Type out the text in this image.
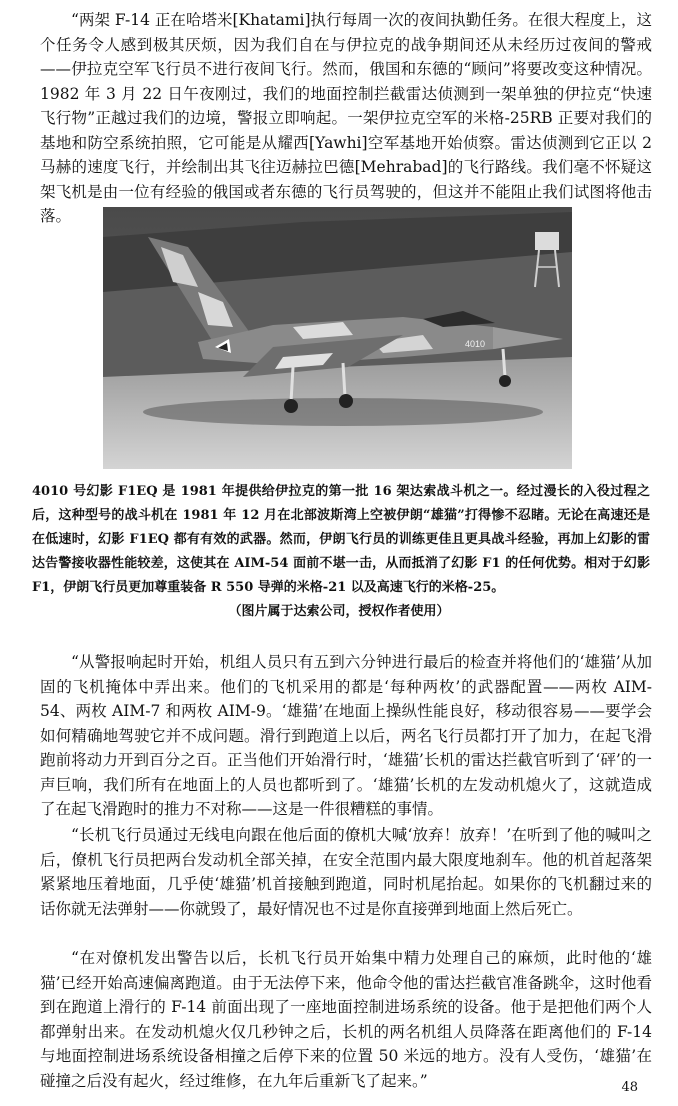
“两架 F-14 正在哈塔米[Khatami]执行每周一次的夜间执勤任务。在很大程度上，这个任务令人感到极其厌烦，因为我们自在与伊拉克的战争期间还从未经历过夜间的警戒——伊拉克空军飞行员不进行夜间飞行。然而，俄国和东德的“顾问”将要改变这种情况。1982 年 3 月 22 日午夜刚过，我们的地面控制拦截雷达侦测到一架单独的伊拉克“快速飞行物”正越过我们的边境，警报立即响起。一架伊拉克空军的米格-25RB 正要对我们的基地和防空系统拍照，它可能是从耀西[Yawhi]空军基地开始侦察。雷达侦测到它正以 2 马赫的速度飞行，并绘制出其飞往迈赫拉巴德[Mehrabad]的飞行路线。我们毫不怀疑这架飞机是由一位有经验的俄国或者东德的飞行员驾驶的，但这并不能阻止我们试图将他击落。

4010

4010 号幻影 F1EQ 是 1981 年提供给伊拉克的第一批 16 架达索战斗机之一。经过漫长的入役过程之后，这种型号的战斗机在 1981 年 12 月在北部波斯湾上空被伊朗“雄猫”打得惨不忍睹。无论在高速还是在低速时，幻影 F1EQ 都有有效的武器。然而，伊朗飞行员的训练更佳且更具战斗经验，再加上幻影的雷达告警接收器性能较差，这使其在 AIM-54 面前不堪一击，从而抵消了幻影 F1 的任何优势。相对于幻影 F1，伊朗飞行员更加尊重装备 R 550 导弹的米格-21 以及高速飞行的米格-25。

（图片属于达索公司，授权作者使用）

“从警报响起时开始，机组人员只有五到六分钟进行最后的检查并将他们的‘雄猫’从加固的飞机掩体中弄出来。他们的飞机采用的都是‘每种两枚’的武器配置——两枚 AIM-54、两枚 AIM-7 和两枚 AIM-9。‘雄猫’在地面上操纵性能良好，移动很容易——要学会如何精确地驾驶它并不成问题。滑行到跑道上以后，两名飞行员都打开了加力，在起飞滑跑前将动力开到百分之百。正当他们开始滑行时，‘雄猫’长机的雷达拦截官听到了‘砰’的一声巨响，我们所有在地面上的人员也都听到了。‘雄猫’长机的左发动机熄火了，这就造成了在起飞滑跑时的推力不对称——这是一件很糟糕的事情。

“长机飞行员通过无线电向跟在他后面的僚机大喊‘放弃！放弃！’在听到了他的喊叫之后，僚机飞行员把两台发动机全部关掉，在安全范围内最大限度地刹车。他的机首起落架紧紧地压着地面，几乎使‘雄猫’机首接触到跑道，同时机尾抬起。如果你的飞机翻过来的话你就无法弹射——你就毁了，最好情况也不过是你直接弹到地面上然后死亡。

“在对僚机发出警告以后，长机飞行员开始集中精力处理自己的麻烦，此时他的‘雄猫’已经开始高速偏离跑道。由于无法停下来，他命令他的雷达拦截官准备跳伞，这时他看到在跑道上滑行的 F-14 前面出现了一座地面控制进场系统的设备。他于是把他们两个人都弹射出来。在发动机熄火仅几秒钟之后，长机的两名机组人员降落在距离他们的 F-14 与地面控制进场系统设备相撞之后停下来的位置 50 米远的地方。没有人受伤，‘雄猫’在碰撞之后没有起火，经过维修，在九年后重新飞了起来。”	48
